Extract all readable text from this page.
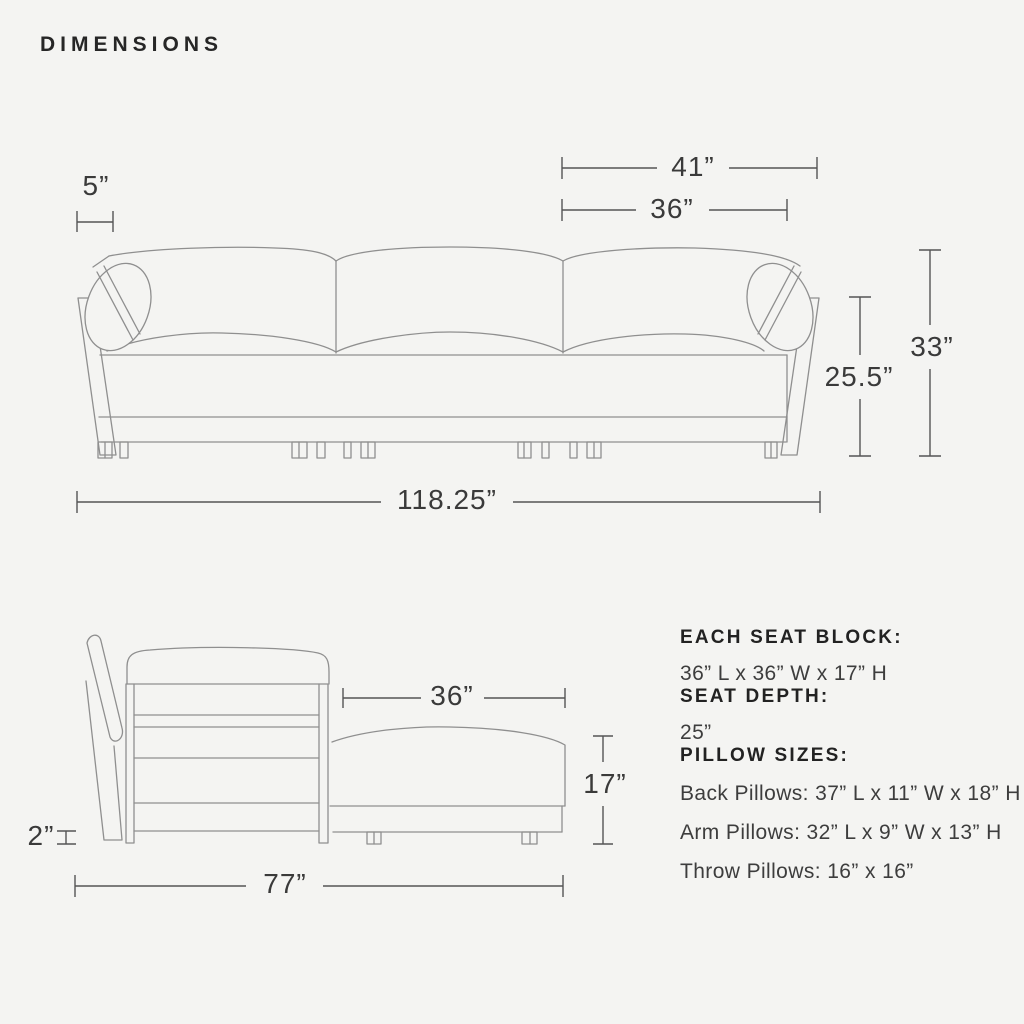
DIMENSIONS
5”
41”
36”
25.5”
33”
118.25”
36”
17”
2”
77”
EACH SEAT BLOCK:
36” L x 36” W x 17” H
SEAT DEPTH:
25”
PILLOW SIZES:
Back Pillows: 37” L x 11” W x 18” H
Arm Pillows: 32” L x 9” W x 13” H
Throw Pillows: 16” x 16”
